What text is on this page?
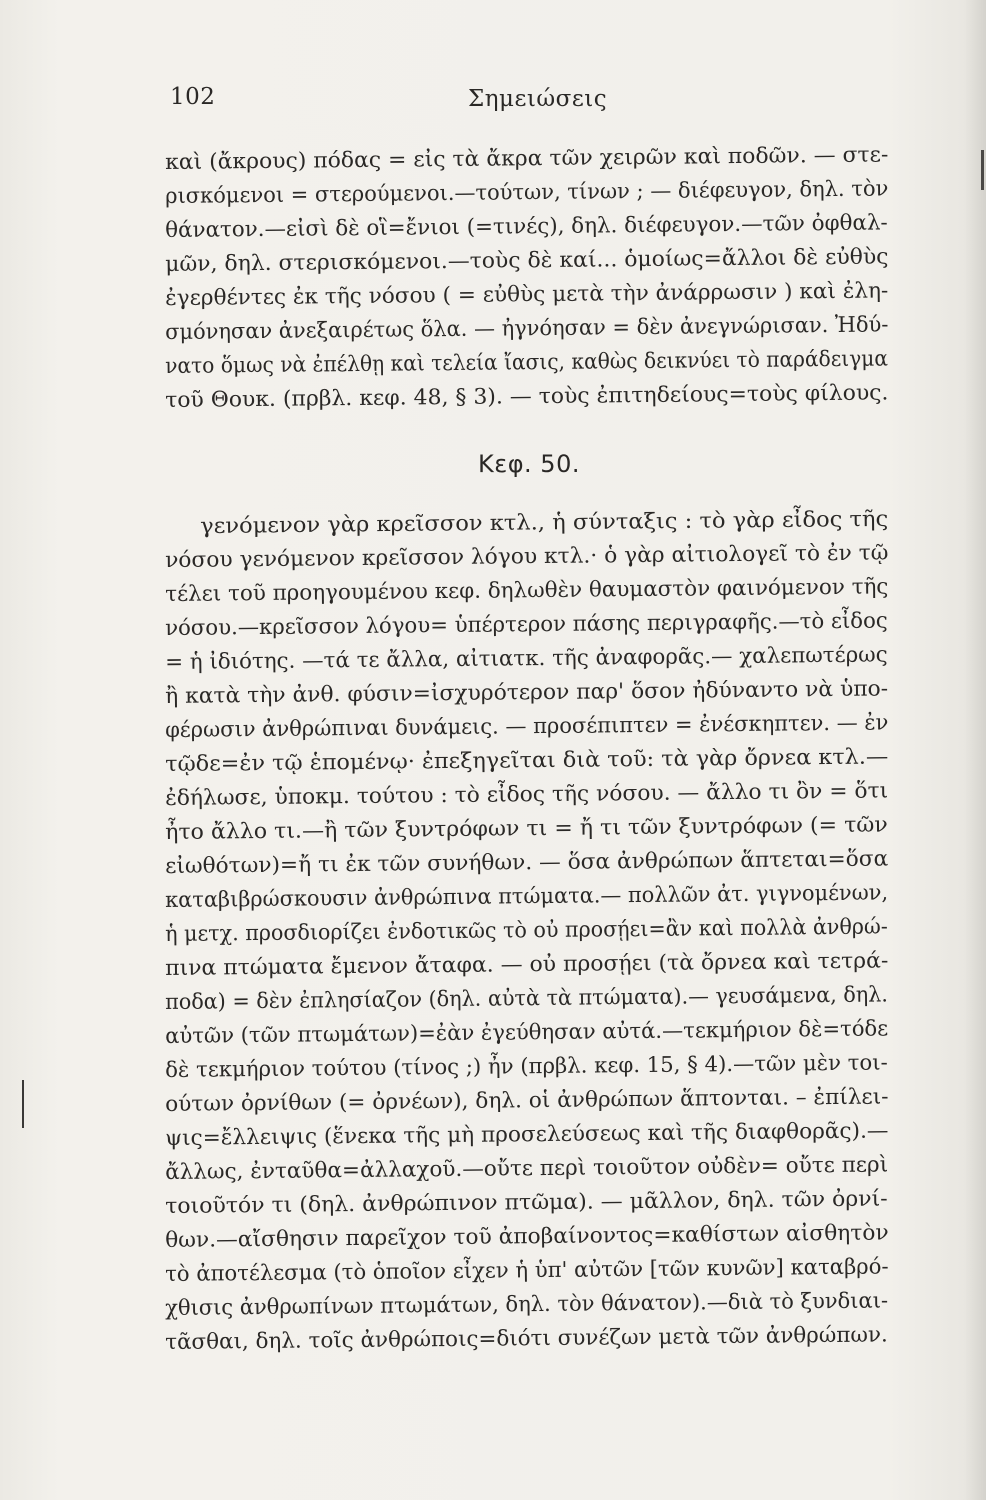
102	Σημειώσεις
καὶ (ἄκρους) πόδας = εἰς τὰ ἄκρα τῶν χειρῶν καὶ ποδῶν. — στε-
ρισκόμενοι = στερούμενοι.—τούτων, τίνων ; — διέφευγον, δηλ. τὸν
θάνατον.—εἰσὶ δὲ οἳ=ἔνιοι (=τινές), δηλ. διέφευγον.—τῶν ὀφθαλ-
μῶν, δηλ. στερισκόμενοι.—τοὺς δὲ καί... ὁμοίως=ἄλλοι δὲ εὐθὺς
ἐγερθέντες ἐκ τῆς νόσου ( = εὐθὺς μετὰ τὴν ἀνάρρωσιν ) καὶ ἐλη-
σμόνησαν ἀνεξαιρέτως ὅλα. — ἠγνόησαν = δὲν ἀνεγνώρισαν. Ἠδύ-
νατο ὅμως νὰ ἐπέλθῃ καὶ τελεία ἴασις, καθὼς δεικνύει τὸ παράδειγμα
τοῦ Θουκ. (πρβλ. κεφ. 48, § 3). — τοὺς ἐπιτηδείους=τοὺς φίλους.
Κεφ. 50.
γενόμενον γὰρ κρεῖσσον κτλ., ἡ σύνταξις : τὸ γὰρ εἶδος τῆς
νόσου γενόμενον κρεῖσσον λόγου κτλ.· ὁ γὰρ αἰτιολογεῖ τὸ ἐν τῷ
τέλει τοῦ προηγουμένου κεφ. δηλωθὲν θαυμαστὸν φαινόμενον τῆς
νόσου.—κρεῖσσον λόγου= ὑπέρτερον πάσης περιγραφῆς.—τὸ εἶδος
= ἡ ἰδιότης. —τά τε ἄλλα, αἰτιατκ. τῆς ἀναφορᾶς.— χαλεπωτέρως
ἢ κατὰ τὴν ἀνθ. φύσιν=ἰσχυρότερον παρ' ὅσον ἠδύναντο νὰ ὑπο-
φέρωσιν ἀνθρώπιναι δυνάμεις. — προσέπιπτεν = ἐνέσκηπτεν. — ἐν
τῷδε=ἐν τῷ ἑπομένῳ· ἐπεξηγεῖται διὰ τοῦ: τὰ γὰρ ὄρνεα κτλ.—
ἐδήλωσε, ὑποκμ. τούτου : τὸ εἶδος τῆς νόσου. — ἄλλο τι ὂν = ὅτι
ἦτο ἄλλο τι.—ἢ τῶν ξυντρόφων τι = ἤ τι τῶν ξυντρόφων (= τῶν
εἰωθότων)=ἤ τι ἐκ τῶν συνήθων. — ὅσα ἀνθρώπων ἅπτεται=ὅσα
καταβιβρώσκουσιν ἀνθρώπινα πτώματα.— πολλῶν ἀτ. γιγνομένων,
ἡ μετχ. προσδιορίζει ἐνδοτικῶς τὸ οὐ προσῄει=ἂν καὶ πολλὰ ἀνθρώ-
πινα πτώματα ἔμενον ἄταφα. — οὐ προσῄει (τὰ ὄρνεα καὶ τετρά-
ποδα) = δὲν ἐπλησίαζον (δηλ. αὐτὰ τὰ πτώματα).— γευσάμενα, δηλ.
αὐτῶν (τῶν πτωμάτων)=ἐὰν ἐγεύθησαν αὐτά.—τεκμήριον δὲ=τόδε
δὲ τεκμήριον τούτου (τίνος ;) ἦν (πρβλ. κεφ. 15, § 4).—τῶν μὲν τοι-
ούτων ὀρνίθων (= ὀρνέων), δηλ. οἱ ἀνθρώπων ἅπτονται. – ἐπίλει-
ψις=ἔλλειψις (ἕνεκα τῆς μὴ προσελεύσεως καὶ τῆς διαφθορᾶς).—
ἄλλως, ἐνταῦθα=ἀλλαχοῦ.—οὔτε περὶ τοιοῦτον οὐδὲν= οὔτε περὶ
τοιοῦτόν τι (δηλ. ἀνθρώπινον πτῶμα). — μᾶλλον, δηλ. τῶν ὀρνί-
θων.—αἴσθησιν παρεῖχον τοῦ ἀποβαίνοντος=καθίστων αἰσθητὸν
τὸ ἀποτέλεσμα (τὸ ὁποῖον εἶχεν ἡ ὑπ' αὐτῶν [τῶν κυνῶν] καταβρό-
χθισις ἀνθρωπίνων πτωμάτων, δηλ. τὸν θάνατον).—διὰ τὸ ξυνδιαι-
τᾶσθαι, δηλ. τοῖς ἀνθρώποις=διότι συνέζων μετὰ τῶν ἀνθρώπων.
